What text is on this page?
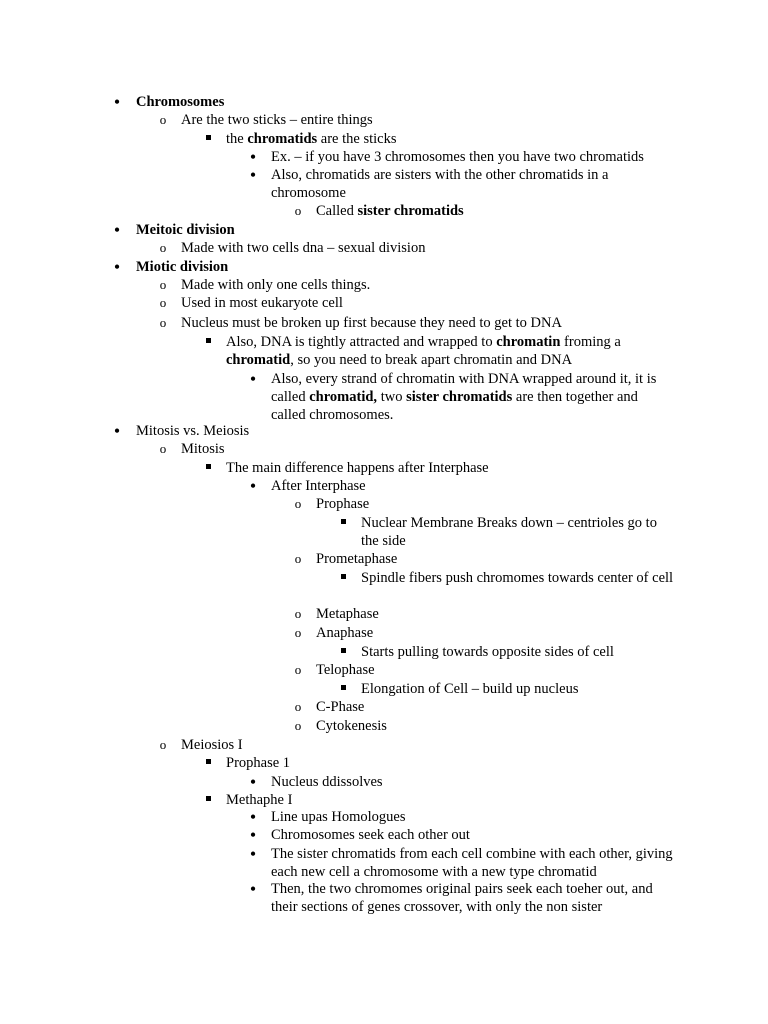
•
Chromosomes
o
Are the two sticks – entire things
the chromatids are the sticks
•
Ex. – if you have 3 chromosomes then you have two chromatids
•
Also, chromatids are sisters with the other chromatids in a chromosome
o
Called sister chromatids
•
Meitoic division
o
Made with two cells dna – sexual division
•
Miotic division
o
Made with only one cells things.
o
Used in most eukaryote cell
o
Nucleus must be broken up first because they need to get to DNA
Also, DNA is tightly attracted and wrapped to chromatin froming a chromatid, so you need to break apart chromatin and DNA
•
Also, every strand of chromatin with DNA wrapped around it, it is called chromatid, two sister chromatids are then together and called chromosomes.
•
Mitosis vs. Meiosis
o
Mitosis
The main difference happens after Interphase
•
After Interphase
o
Prophase
Nuclear Membrane Breaks down – centrioles go to the side
o
Prometaphase
Spindle fibers push chromomes towards center of cell
o
Metaphase
o
Anaphase
Starts pulling towards opposite sides of cell
o
Telophase
Elongation of Cell – build up nucleus
o
C-Phase
o
Cytokenesis
o
Meiosios I
Prophase 1
•
Nucleus ddissolves
Methaphe I
•
Line upas Homologues
•
Chromosomes seek each other out
•
The sister chromatids from each cell combine with each other, giving each new cell a chromosome with a new type chromatid
•
Then, the two chromomes original pairs seek each toeher out, and their sections of genes crossover, with only the non sister
